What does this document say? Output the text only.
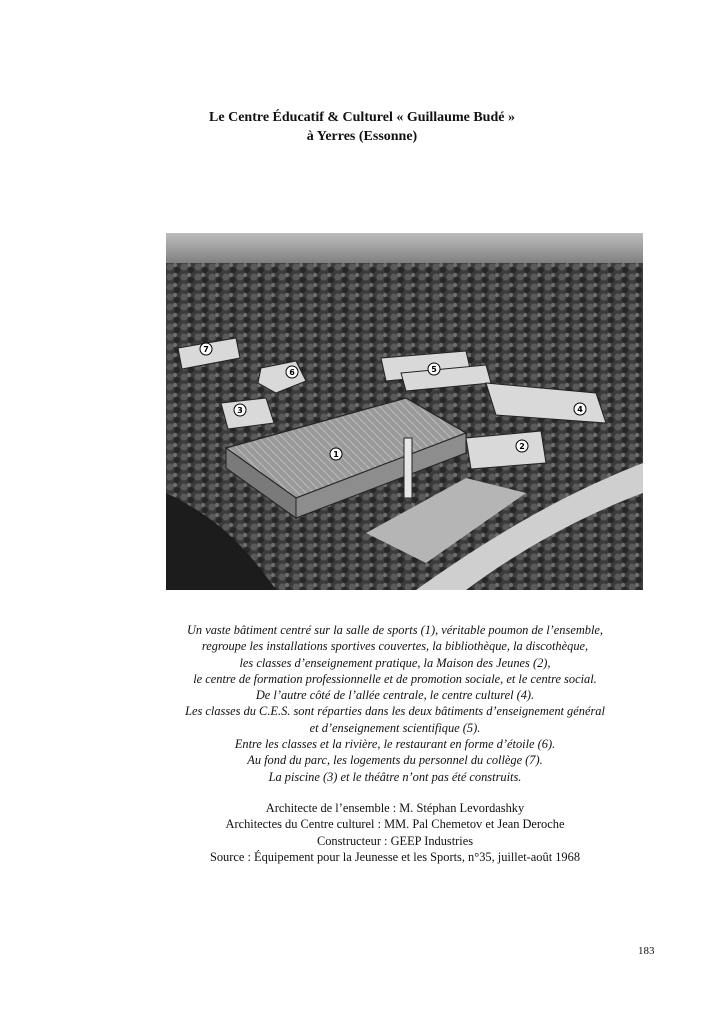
Le Centre Éducatif & Culturel « Guillaume Budé »
à Yerres (Essonne)
7
6	5
3	4
1
2
Un vaste bâtiment centré sur la salle de sports (1), véritable poumon de l’ensemble,
regroupe les installations sportives couvertes, la bibliothèque, la discothèque,
les classes d’enseignement pratique, la Maison des Jeunes (2),
le centre de formation professionnelle et de promotion sociale, et le centre social.
De l’autre côté de l’allée centrale, le centre culturel (4).
Les classes du C.E.S. sont réparties dans les deux bâtiments d’enseignement général
et d’enseignement scientifique (5).
Entre les classes et la rivière, le restaurant en forme d’étoile (6).
Au fond du parc, les logements du personnel du collège (7).
La piscine (3) et le théâtre n’ont pas été construits.
Architecte de l’ensemble : M. Stéphan Levordashky
Architectes du Centre culturel : MM. Pal Chemetov et Jean Deroche
Constructeur : GEEP Industries
Source : Équipement pour la Jeunesse et les Sports, n°35, juillet-août 1968
183
